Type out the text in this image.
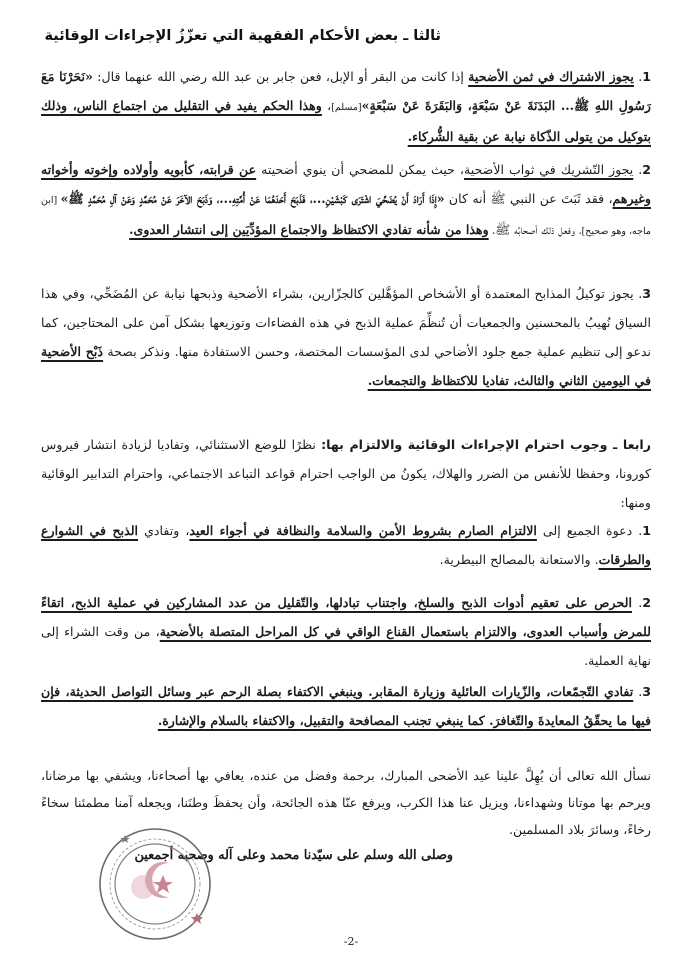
ثالثا ـ بعض الأحكام الفقهية التي تعزّزُ الإجراءات الوقائية
1. يجوز الاشتراك في ثمن الأضحية إذا كانت من البقر أو الإبل، فعن جابر بن عبد الله رضي الله عنهما قال: «نَحَرْنَا مَعَ رَسُولِ اللهِ ﷺ... البَدَنَةَ عَنْ سَبْعَةٍ، وَالبَقَرَةَ عَنْ سَبْعَةٍ»[مسلم]، وهذا الحكم يفيد في التقليل من اجتماع الناس، وذلك بتوكيل من يتولى الذّكاة نيابة عن بقية الشُّركاء.
2. يجوز التّشريك في ثواب الأضحية، حيث يمكن للمضحي أن ينوي أضحيته عن قرابته، كأبويه وأولاده وإخوته وأخواته وغيرهم، فقد ثَبَتَ عن النبي ﷺ أنه كان «إِذَا أَرَادَ أَنْ يُضَحِّيَ اشْتَرَى كَبْشَيْنِ...، فَذَبَحَ أَحَدَهُمَا عَنْ أُمَّتِهِ...، وَذَبَحَ الآخَرَ عَنْ مُحَمَّدٍ وَعَنْ آلِ مُحَمَّدٍ ﷺ» [ابن ماجه، وهو صحيح]، وفعل ذلك أصحابُه ﷺ، وهذا من شأنه تفادي الاكتظاظ والاجتماع المؤدِّيَين إلى انتشار العدوى.
3. يجوز توكيلُ المذابح المعتمدة أو الأشخاص المؤهَّلين كالجزّارين، بشراء الأضحية وذبحها نيابة عن المُضَحِّي، وفي هذا السياق نُهيبُ بالمحسنين والجمعيات أن تُنظِّمَ عملية الذبح في هذه الفضاءات وتوزيعها بشكل آمن على المحتاجين، كما ندعو إلى تنظيم عملية جمع جلود الأضاحي لدى المؤسسات المختصة، وحسن الاستفادة منها. ونذكر بصحة ذَبْح الأضحية في اليومين الثاني والثالث، تفاديا للاكتظاظ والتجمعات.
رابعا ـ وجوب احترام الإجراءات الوقائية والالتزام بها: نظرًا للوضع الاستثنائي، وتفاديا لزيادة انتشار فيروس كورونا، وحفظا للأنفس من الضرر والهلاك، يكونُ من الواجب احترام قواعد التباعد الاجتماعي، واحترام التدابير الوقائية ومنها:
1. دعوة الجميع إلى الالتزام الصارم بشروط الأمن والسلامة والنظافة في أجواء العيد، وتفادي الذبح في الشوارع والطرقات. والاستعانة بالمصالح البيطرية.
2. الحرص على تعقيم أدوات الذبح والسلخ، واجتناب تبادلها، والتّقليل من عدد المشاركين في عملية الذبح، اتقاءً للمرض وأسباب العدوى، والالتزام باستعمال القناع الواقي في كل المراحل المتصلة بالأضحية، من وقت الشراء إلى نهاية العملية.
3. تفادي التّجمّعات، والزّيارات العائلية وزيارة المقابر. وينبغي الاكتفاء بصلة الرحم عبر وسائل التواصل الحديثة، فإن فيها ما يحقّقُ المعايدةَ والتّغافرَ. كما ينبغي تجنب المصافحة والتقبيل، والاكتفاء بالسلام والإشارة.
نسأل الله تعالى أن يُهِلَّ علينا عيد الأضحى المبارك، برحمة وفضل من عنده، يعافي بها أصحاءنا، ويشفي بها مرضانا، ويرحم بها موتانا وشهداءنا، ويزيل عنا هذا الكرب، ويرفع عنّا هذه الجائحة، وأن يحفظَ وطنَنا، ويجعله آمنا مطمئنا سخاءً رخاءً، وسائرَ بلاد المسلمين.
وصلى الله وسلم على سيّدنا محمد وعلى آله وصحبه أجمعين
-2-
